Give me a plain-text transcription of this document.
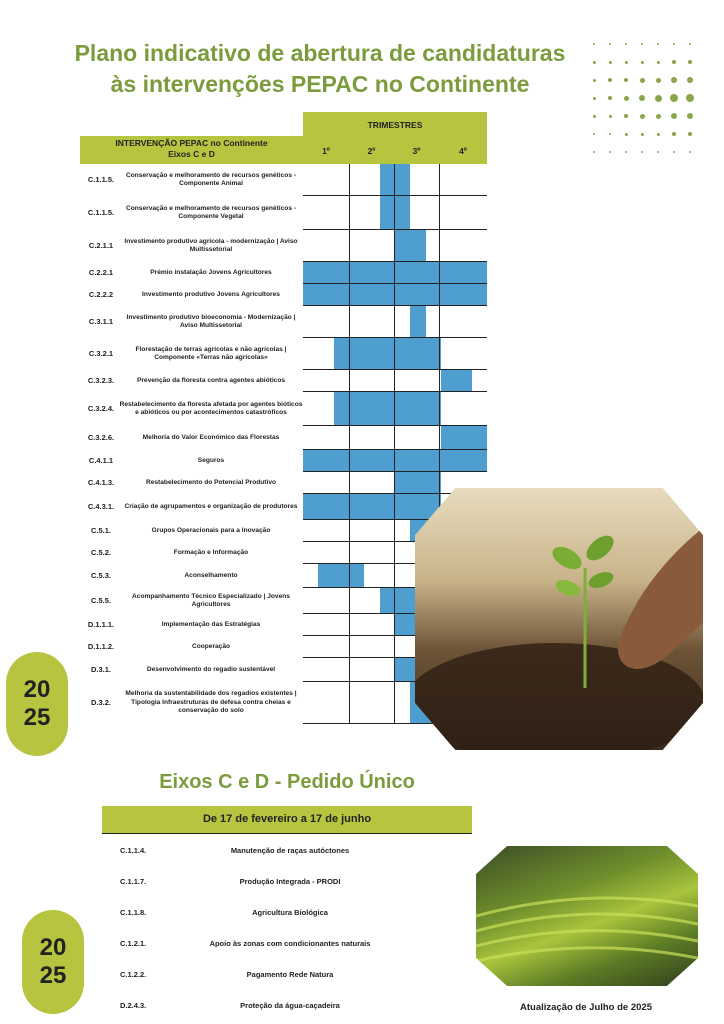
Plano indicativo de abertura de candidaturas
às intervenções PEPAC no Continente
TRIMESTRES
INTERVENÇÃO PEPAC no Continente
Eixos C e D	1º	2º	3º	4º
C.1.1.5.	Conservação e melhoramento de recursos genéticos - Componente Animal
C.1.1.5.	Conservação e melhoramento de recursos genéticos - Componente Vegetal
C.2.1.1	Investimento produtivo agrícola - modernização | Aviso Multissetorial
C.2.2.1	Prémio instalação Jovens Agricultores
C.2.2.2	Investimento produtivo Jovens Agricultores
C.3.1.1	Investimento produtivo bioeconomia - Modernização | Aviso Multissetorial
C.3.2.1	Florestação de terras agrícolas e não agrícolas | Componente «Terras não agrícolas»
C.3.2.3.	Prevenção da floresta contra agentes abióticos
C.3.2.4. Restabelecimento da floresta afetada por agentes bióticos e abióticos ou por acontecimentos catastróficos
C.3.2.6.	Melhoria do Valor Económico das Florestas
C.4.1.1	Seguros
C.4.1.3.	Restabelecimento do Potencial Produtivo
C.4.3.1.	Criação de agrupamentos e organização de produtores
C.5.1.	Grupos Operacionais para a Inovação
C.5.2.	Formação e Informação
C.5.3.	Aconselhamento
C.5.5.	Acompanhamento Técnico Especializado | Jovens Agricultores
D.1.1.1.	Implementação das Estratégias
D.1.1.2.	Cooperação
D.3.1.	Desenvolvimento do regadio sustentável
D.3.2.
Melhoria da sustentabilidade dos regadios existentes | Tipologia Infraestruturas de defesa contra cheias e conservação do solo
20
25
Eixos C e D - Pedido Único
De 17 de fevereiro a 17 de junho
C.1.1.4.	Manutenção de raças autóctones
C.1.1.7.	Produção Integrada - PRODI
C.1.1.8.	Agricultura Biológica
C.1.2.1.	Apoio às zonas com condicionantes naturais
C.1.2.2.	Pagamento Rede Natura
D.2.4.3.	Proteção da água-caçadeira
20
25
Atualização de Julho de 2025
